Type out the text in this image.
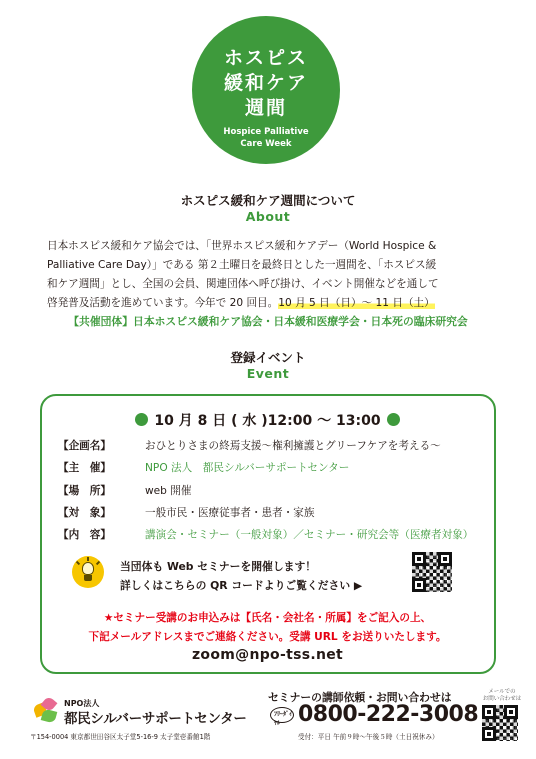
ホスピス
緩和ケア
週間
Hospice Palliative
Care Week
ホスピス緩和ケア週間について
About
日本ホスピス緩和ケア協会では、「世界ホスピス緩和ケアデー（World Hospice &
Palliative Care Day）」である 第２土曜日を最終日とした一週間を、「ホスピス緩
和ケア週間」とし、全国の会員、関連団体へ呼び掛け、イベント開催などを通して
啓発普及活動を進めています。今年で 20 回目。10 月 5 日（日）～ 11 日（土）
【共催団体】日本ホスピス緩和ケア協会・日本緩和医療学会・日本死の臨床研究会
登録イベント
Event
10 月 8 日 ( 水 )12:00 ～ 13:00
【企画名】	おひとりさまの終焉支援～権利擁護とグリーフケアを考える～
【主　催】	NPO 法人　都民シルバーサポートセンター
【場　所】	web 開催
【対　象】	一般市民・医療従事者・患者・家族
【内　容】	講演会・セミナー（一般対象）／セミナー・研究会等（医療者対象）
当団体も Web セミナーを開催します！
詳しくはこちらの QR コードよりご覧ください ▶
★セミナー受講のお申込みは【氏名・会社名・所属】をご記入の上、
下記メールアドレスまでご連絡ください。受講 URL をお送りいたします。
zoom@npo-tss.net
NPO法人
都民シルバーサポートセンター
〒154-0004 東京都世田谷区太子堂5-16-9 太子堂壱番館1階
セミナーの講師依頼・お問い合わせは
ﾌﾘｰﾀﾞｲﾔﾙ 0800-222-3008
受付：平日 午前９時～午後５時（土日祝休み）
メールでの
お問い合わせは
